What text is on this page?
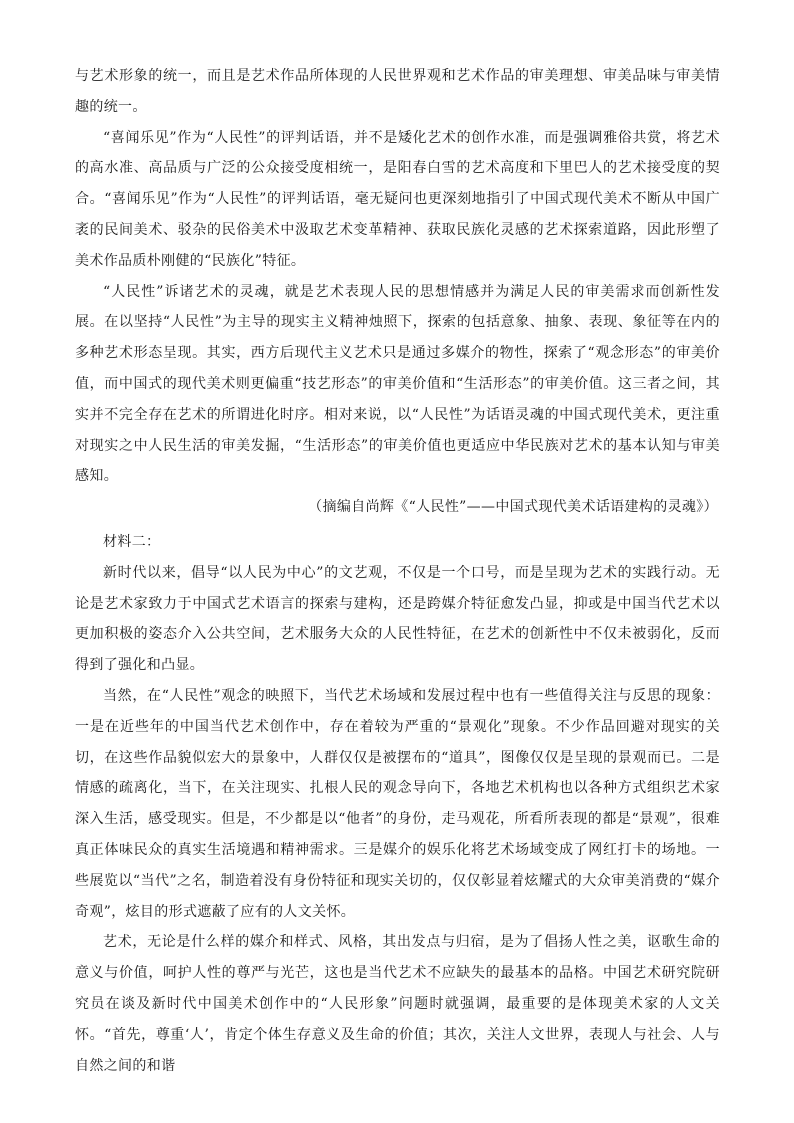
与艺术形象的统一，而且是艺术作品所体现的人民世界观和艺术作品的审美理想、审美品味与审美情趣的统一。

“喜闻乐见”作为“人民性”的评判话语，并不是矮化艺术的创作水准，而是强调雅俗共赏，将艺术的高水准、高品质与广泛的公众接受度相统一，是阳春白雪的艺术高度和下里巴人的艺术接受度的契合。“喜闻乐见”作为“人民性”的评判话语，毫无疑问也更深刻地指引了中国式现代美术不断从中国广袤的民间美术、驳杂的民俗美术中汲取艺术变革精神、获取民族化灵感的艺术探索道路，因此形塑了美术作品质朴刚健的“民族化”特征。

“人民性”诉诸艺术的灵魂，就是艺术表现人民的思想情感并为满足人民的审美需求而创新性发展。在以坚持“人民性”为主导的现实主义精神烛照下，探索的包括意象、抽象、表现、象征等在内的多种艺术形态呈现。其实，西方后现代主义艺术只是通过多媒介的物性，探索了“观念形态”的审美价值，而中国式的现代美术则更偏重“技艺形态”的审美价值和“生活形态”的审美价值。这三者之间，其实并不完全存在艺术的所谓进化时序。相对来说，以“人民性”为话语灵魂的中国式现代美术，更注重对现实之中人民生活的审美发掘，“生活形态”的审美价值也更适应中华民族对艺术的基本认知与审美感知。

（摘编自尚辉《“人民性”——中国式现代美术话语建构的灵魂》）

材料二：

新时代以来，倡导“以人民为中心”的文艺观，不仅是一个口号，而是呈现为艺术的实践行动。无论是艺术家致力于中国式艺术语言的探索与建构，还是跨媒介特征愈发凸显，抑或是中国当代艺术以更加积极的姿态介入公共空间，艺术服务大众的人民性特征，在艺术的创新性中不仅未被弱化，反而得到了强化和凸显。

当然，在“人民性”观念的映照下，当代艺术场域和发展过程中也有一些值得关注与反思的现象：一是在近些年的中国当代艺术创作中，存在着较为严重的“景观化”现象。不少作品回避对现实的关切，在这些作品貌似宏大的景象中，人群仅仅是被摆布的“道具”，图像仅仅是呈现的景观而已。二是情感的疏离化，当下，在关注现实、扎根人民的观念导向下，各地艺术机构也以各种方式组织艺术家深入生活，感受现实。但是，不少都是以“他者”的身份，走马观花，所看所表现的都是“景观”，很难真正体味民众的真实生活境遇和精神需求。三是媒介的娱乐化将艺术场域变成了网红打卡的场地。一些展览以“当代”之名，制造着没有身份特征和现实关切的，仅仅彰显着炫耀式的大众审美消费的“媒介奇观”，炫目的形式遮蔽了应有的人文关怀。

艺术，无论是什么样的媒介和样式、风格，其出发点与归宿，是为了倡扬人性之美，讴歌生命的意义与价值，呵护人性的尊严与光芒，这也是当代艺术不应缺失的最基本的品格。中国艺术研究院研究员在谈及新时代中国美术创作中的“人民形象”问题时就强调，最重要的是体现美术家的人文关怀。“首先，尊重‘人’，肯定个体生存意义及生命的价值；其次，关注人文世界，表现人与社会、人与自然之间的和谐
